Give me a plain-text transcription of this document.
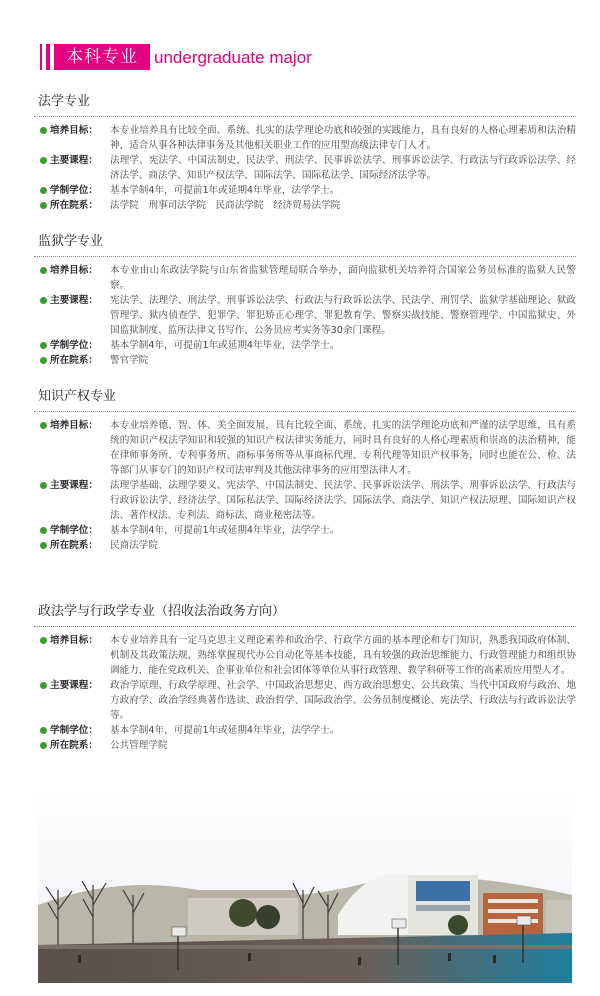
本科专业 undergraduate major
法学专业
培养目标：	本专业培养具有比较全面、系统、扎实的法学理论功底和较强的实践能力，具有良好的人格心理素质和法治精神，适合从事各种法律事务及其他相关职业工作的应用型高级法律专门人才。
主要课程：	法理学、宪法学、中国法制史、民法学、刑法学、民事诉讼法学、刑事诉讼法学、行政法与行政诉讼法学、经济法学、商法学、知识产权法学、国际法学、国际私法学、国际经济法学等。
学制学位：	基本学制4年，可提前1年或延期4年毕业，法学学士。
所在院系：	法学院　刑事司法学院　民商法学院　经济贸易法学院
监狱学专业
培养目标：	本专业由山东政法学院与山东省监狱管理局联合举办，面向监狱机关培养符合国家公务员标准的监狱人民警察。
主要课程：	宪法学、法理学、刑法学、刑事诉讼法学、行政法与行政诉讼法学、民法学、刑罚学、监狱学基础理论、狱政管理学、狱内侦查学、犯罪学、罪犯矫正心理学、罪犯教育学、警察实战技能、警察管理学、中国监狱史、外国监狱制度、监所法律文书写作、公务员应考实务等30余门课程。
学制学位：	基本学制4年，可提前1年或延期4年毕业，法学学士。
所在院系：	警官学院
知识产权专业
培养目标：	本专业培养德、智、体、美全面发展，具有比较全面、系统、扎实的法学理论功底和严谨的法学思维，具有系统的知识产权法学知识和较强的知识产权法律实务能力，同时具有良好的人格心理素质和崇高的法治精神，能在律师事务所、专利事务所、商标事务所等从事商标代理、专利代理等知识产权事务，同时也能在公、检、法等部门从事专门的知识产权司法审判及其他法律事务的应用型法律人才。
主要课程：	法理学基础、法理学要义、宪法学、中国法制史、民法学、民事诉讼法学、刑法学、刑事诉讼法学、行政法与行政诉讼法学、经济法学、国际私法学、国际经济法学、国际法学、商法学、知识产权法原理、国际知识产权法、著作权法、专利法、商标法、商业秘密法等。
学制学位：	基本学制4年，可提前1年或延期4年毕业，法学学士。
所在院系：	民商法学院
政法学与行政学专业（招收法治政务方向）
培养目标：	本专业培养具有一定马克思主义理论素养和政治学、行政学方面的基本理论和专门知识，熟悉我国政府体制、机制及其政策法规，熟练掌握现代办公自动化等基本技能，具有较强的政治思维能力、行政管理能力和组织协调能力，能在党政机关、企事业单位和社会团体等单位从事行政管理、教学科研等工作的高素质应用型人才。
主要课程：	政治学原理、行政学原理、社会学、中国政治思想史、西方政治思想史、公共政策、当代中国政府与政治、地方政府学、政治学经典著作选读、政治哲学、国际政治学、公务员制度概论、宪法学、行政法与行政诉讼法学等。
学制学位：	基本学制4年，可提前1年或延期4年毕业，法学学士。
所在院系：	公共管理学院
